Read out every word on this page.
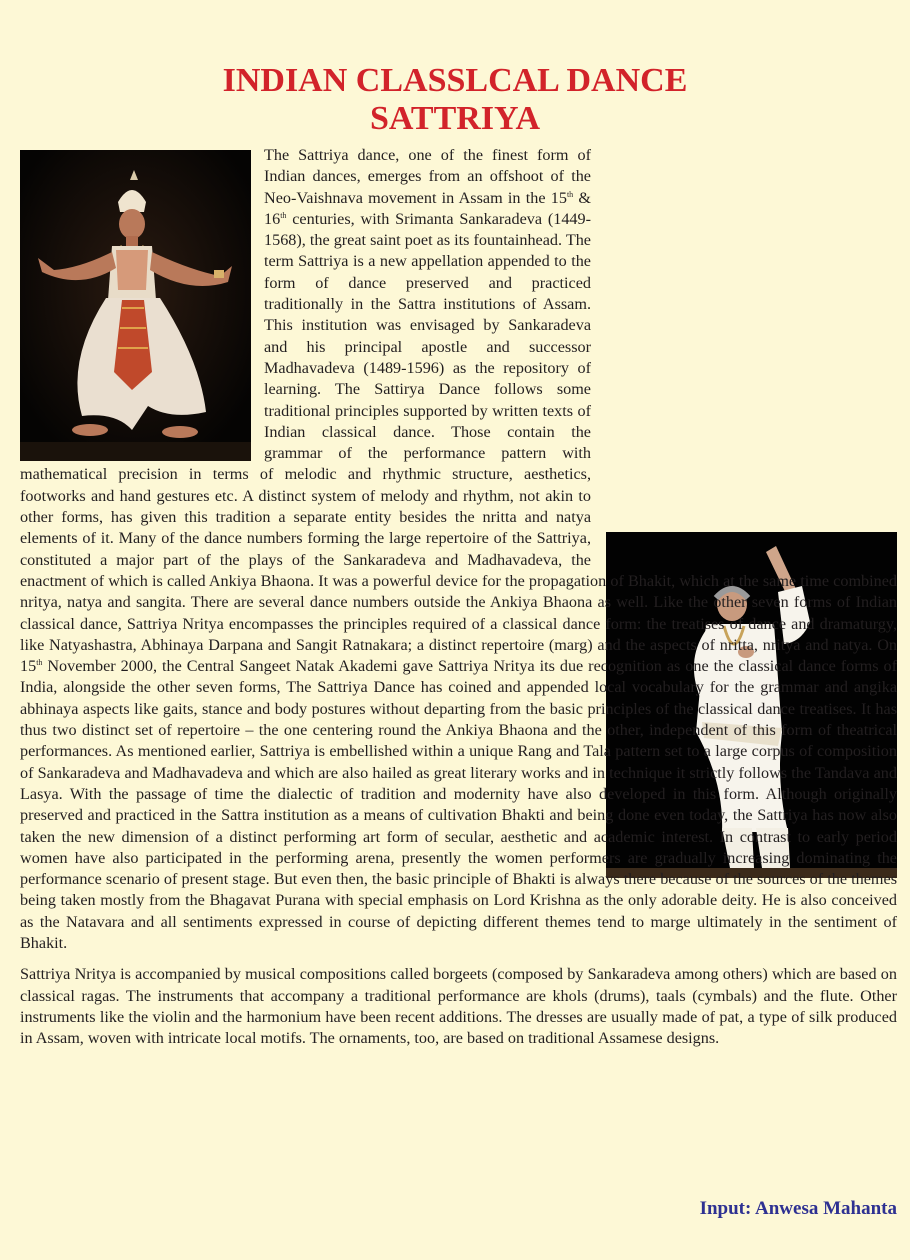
INDIAN CLASSLCAL DANCE
SATTRIYA

The Sattriya dance, one of the finest form of Indian dances, emerges from an offshoot of the Neo-Vaishnava movement in Assam in the 15th & 16th centuries, with Srimanta Sankaradeva (1449-1568), the great saint poet as its fountainhead. The term Sattriya is a new appellation appended to the form of dance preserved and practiced traditionally in the Sattra institutions of Assam. This institution was envisaged by Sankaradeva and his principal apostle and successor Madhavadeva (1489-1596) as the repository of learning. The Sattirya Dance follows some traditional principles supported by written texts of Indian classical dance. Those contain the grammar of the performance pattern with mathematical precision in terms of melodic and rhythmic structure, aesthetics, footworks and hand gestures etc. A distinct system of melody and rhythm, not akin to other forms, has given this tradition a separate entity besides the nritta and natya elements of it. Many of the dance numbers forming the large repertoire of the Sattriya, constituted a major part of the plays of the Sankaradeva and Madhavadeva, the enactment of which is called Ankiya Bhaona. It was a powerful device for the propagation of Bhakit, which at the same time combined nritya, natya and sangita. There are several dance numbers outside the Ankiya Bhaona as well. Like the other seven forms of Indian classical dance, Sattriya Nritya encompasses the principles required of a classical dance form: the treatises of dance and dramaturgy, like Natyashastra, Abhinaya Darpana and Sangit Ratnakara; a distinct repertoire (marg) and the aspects of nritta, nritya and natya. On 15th November 2000, the Central Sangeet Natak Akademi gave Sattriya Nritya its due recognition as one the classical dance forms of India, alongside the other seven forms, The Sattriya Dance has coined and appended local vocabulary for the grammar and angika abhinaya aspects like gaits, stance and body postures without departing from the basic principles of the classical dance treatises. It has thus two distinct set of repertoire – the one centering round the Ankiya Bhaona and the other, independent of this form of theatrical performances. As mentioned earlier, Sattriya is embellished within a unique Rang and Tala pattern set to a large corpus of composition of Sankaradeva and Madhavadeva and which are also hailed as great literary works and in technique it strictly follows the Tandava and Lasya. With the passage of time the dialectic of tradition and modernity have also developed in this form. Although originally preserved and practiced in the Sattra institution as a means of cultivation Bhakti and being done even today, the Sattriya has now also taken the new dimension of a distinct performing art form of secular, aesthetic and academic interest. In contrast to early period women have also participated in the performing arena, presently the women performers are gradually increasing dominating the performance scenario of present stage. But even then, the basic principle of Bhakti is always there because of the sources of the themes being taken mostly from the Bhagavat Purana with special emphasis on Lord Krishna as the only adorable deity. He is also conceived as the Natavara and all sentiments expressed in course of depicting different themes tend to marge ultimately in the sentiment of Bhakit.

Sattriya Nritya is accompanied by musical compositions called borgeets (composed by Sankaradeva among others) which are based on classical ragas. The instruments that accompany a traditional performance are khols (drums), taals (cymbals) and the flute. Other instruments like the violin and the harmonium have been recent additions. The dresses are usually made of pat, a type of silk produced in Assam, woven with intricate local motifs. The ornaments, too, are based on traditional Assamese designs.

Input: Anwesa Mahanta
